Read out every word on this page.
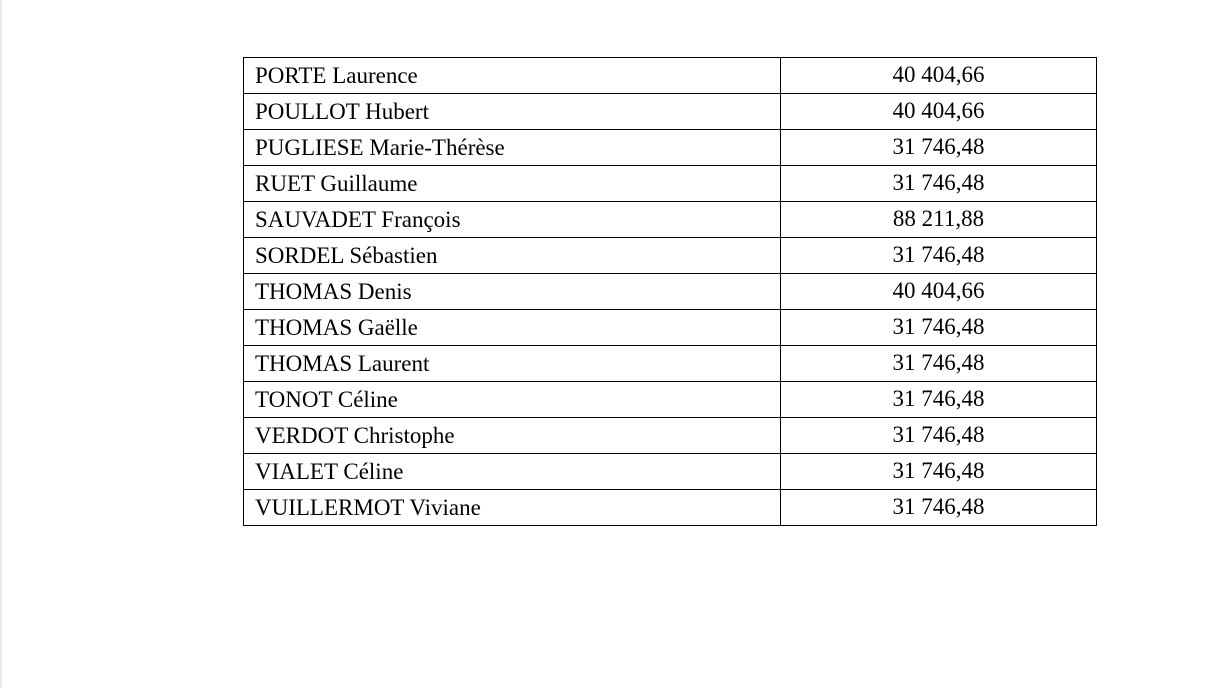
PORTE Laurence	40 404,66
POULLOT Hubert	40 404,66
PUGLIESE Marie-Thérèse	31 746,48
RUET Guillaume	31 746,48
SAUVADET François	88 211,88
SORDEL Sébastien	31 746,48
THOMAS Denis	40 404,66
THOMAS Gaëlle	31 746,48
THOMAS Laurent	31 746,48
TONOT Céline	31 746,48
VERDOT Christophe	31 746,48
VIALET Céline	31 746,48
VUILLERMOT Viviane	31 746,48
